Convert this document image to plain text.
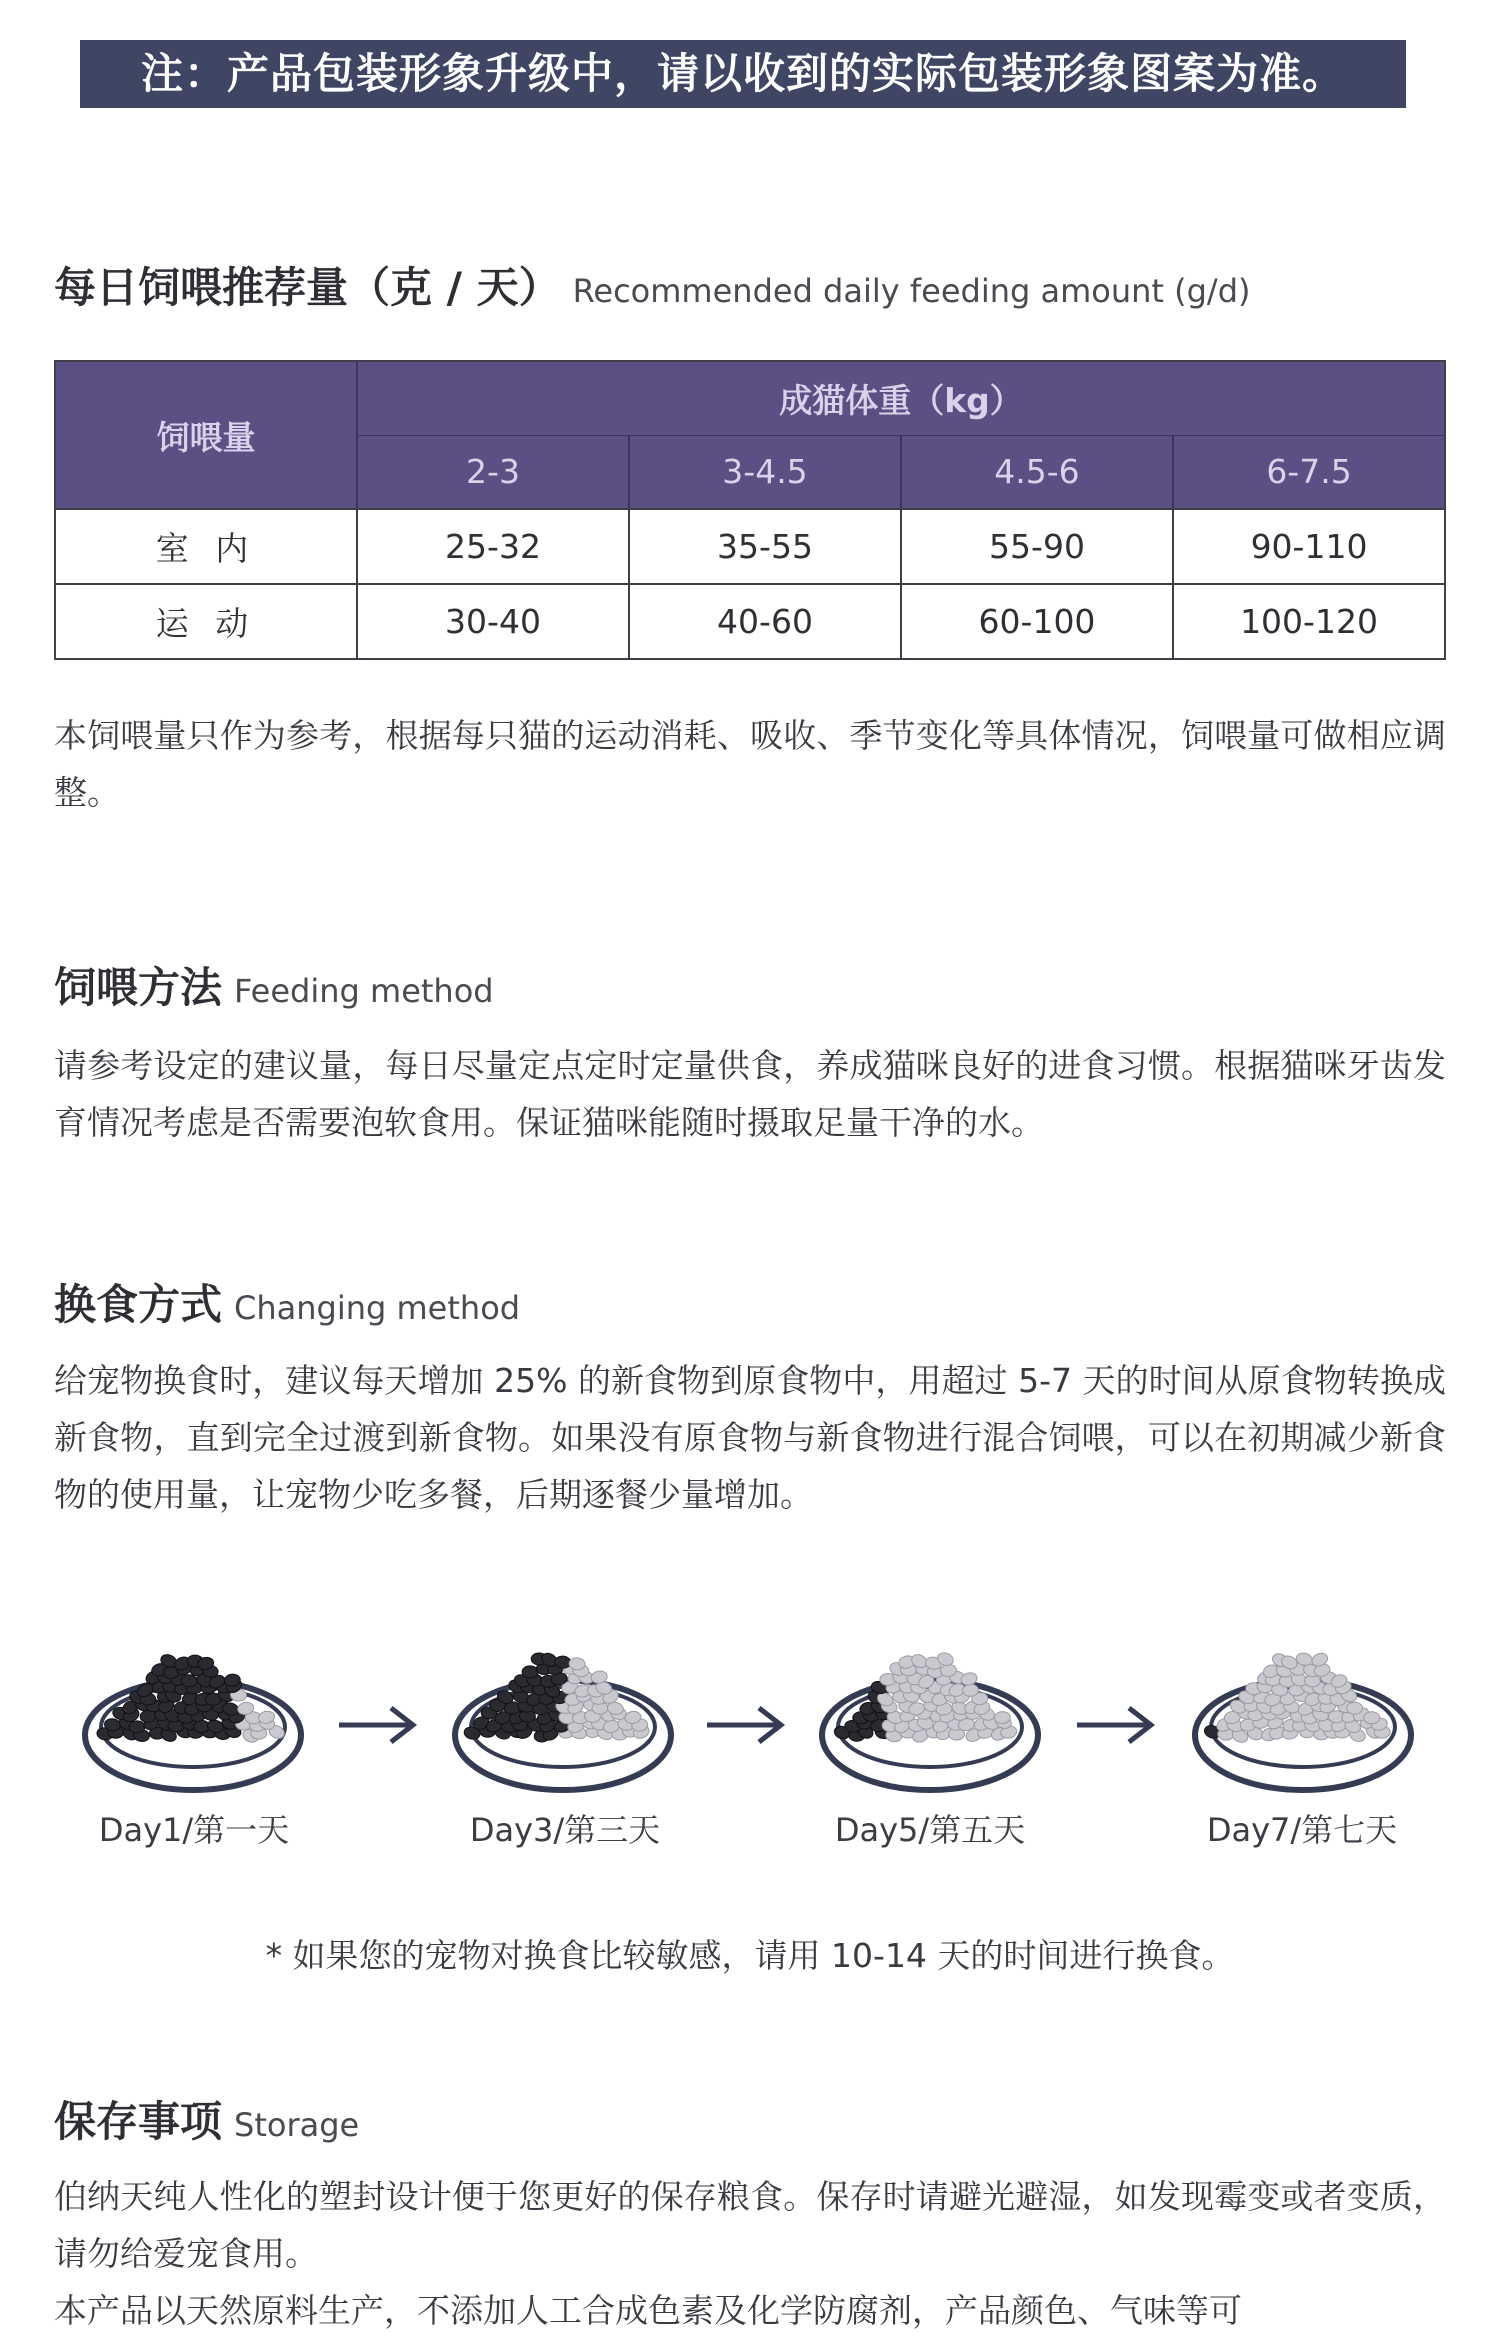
注：产品包装形象升级中，请以收到的实际包装形象图案为准。
每日饲喂推荐量（克 / 天） Recommended daily feeding amount (g/d)
饲喂量	成猫体重（kg）			
	2-3	3-4.5	4.5-6	6-7.5
室 内	25-32	35-55	55-90	90-110
运 动	30-40	40-60	60-100	100-120
本饲喂量只作为参考，根据每只猫的运动消耗、吸收、季节变化等具体情况，饲喂量可做相应调整。
饲喂方法 Feeding method
请参考设定的建议量，每日尽量定点定时定量供食，养成猫咪良好的进食习惯。根据猫咪牙齿发育情况考虑是否需要泡软食用。保证猫咪能随时摄取足量干净的水。
换食方式 Changing method
给宠物换食时，建议每天增加 25% 的新食物到原食物中，用超过 5-7 天的时间从原食物转换成新食物，直到完全过渡到新食物。如果没有原食物与新食物进行混合饲喂，可以在初期减少新食物的使用量，让宠物少吃多餐，后期逐餐少量增加。
Day1/第一天	Day3/第三天	Day5/第五天	Day7/第七天
* 如果您的宠物对换食比较敏感，请用 10-14 天的时间进行换食。
保存事项 Storage
伯纳天纯人性化的塑封设计便于您更好的保存粮食。保存时请避光避湿，如发现霉变或者变质，请勿给爱宠食用。
本产品以天然原料生产，不添加人工合成色素及化学防腐剂，产品颜色、气味等可
